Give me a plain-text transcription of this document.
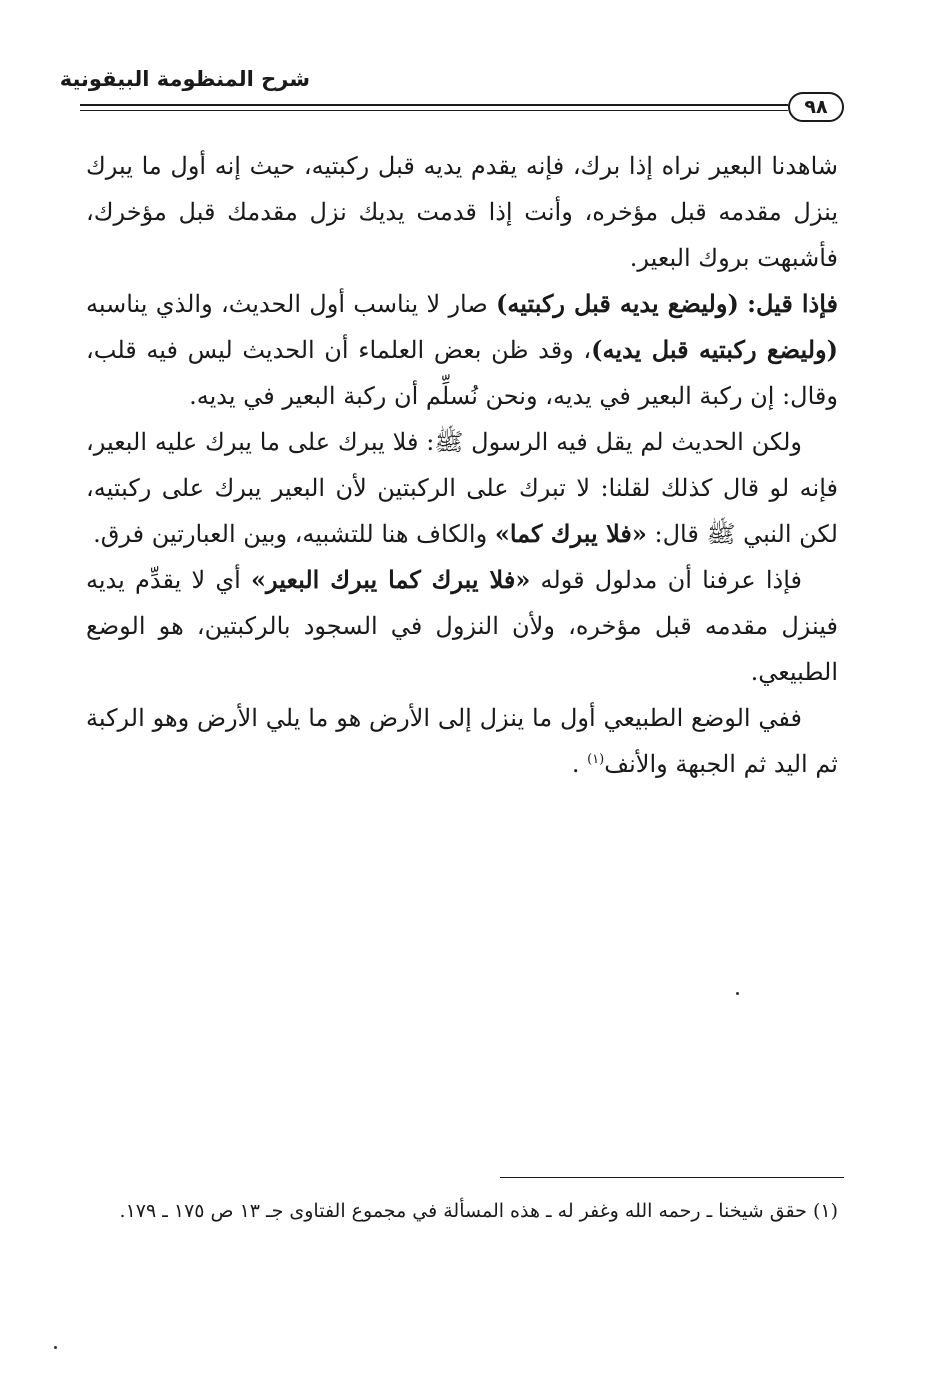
شرح المنظومة البيقونية
٩٨

شاهدنا البعير نراه إذا برك، فإنه يقدم يديه قبل ركبتيه، حيث إنه أول ما يبرك ينزل مقدمه قبل مؤخره، وأنت إذا قدمت يديك نزل مقدمك قبل مؤخرك، فأشبهت بروك البعير.

فإذا قيل: (وليضع يديه قبل ركبتيه) صار لا يناسب أول الحديث، والذي يناسبه (وليضع ركبتيه قبل يديه)، وقد ظن بعض العلماء أن الحديث ليس فيه قلب، وقال: إن ركبة البعير في يديه، ونحن نُسلِّم أن ركبة البعير في يديه.

ولكن الحديث لم يقل فيه الرسول ﷺ: فلا يبرك على ما يبرك عليه البعير، فإنه لو قال كذلك لقلنا: لا تبرك على الركبتين لأن البعير يبرك على ركبتيه، لكن النبي ﷺ قال: «فلا يبرك كما» والكاف هنا للتشبيه، وبين العبارتين فرق.

فإذا عرفنا أن مدلول قوله «فلا يبرك كما يبرك البعير» أي لا يقدِّم يديه فينزل مقدمه قبل مؤخره، ولأن النزول في السجود بالركبتين، هو الوضع الطبيعي.

ففي الوضع الطبيعي أول ما ينزل إلى الأرض هو ما يلي الأرض وهو الركبة ثم اليد ثم الجبهة والأنف$^{(١)}$ .

(١) حقق شيخنا ـ رحمه الله وغفر له ـ هذه المسألة في مجموع الفتاوى جـ ١٣ ص ١٧٥ ـ ١٧٩.
